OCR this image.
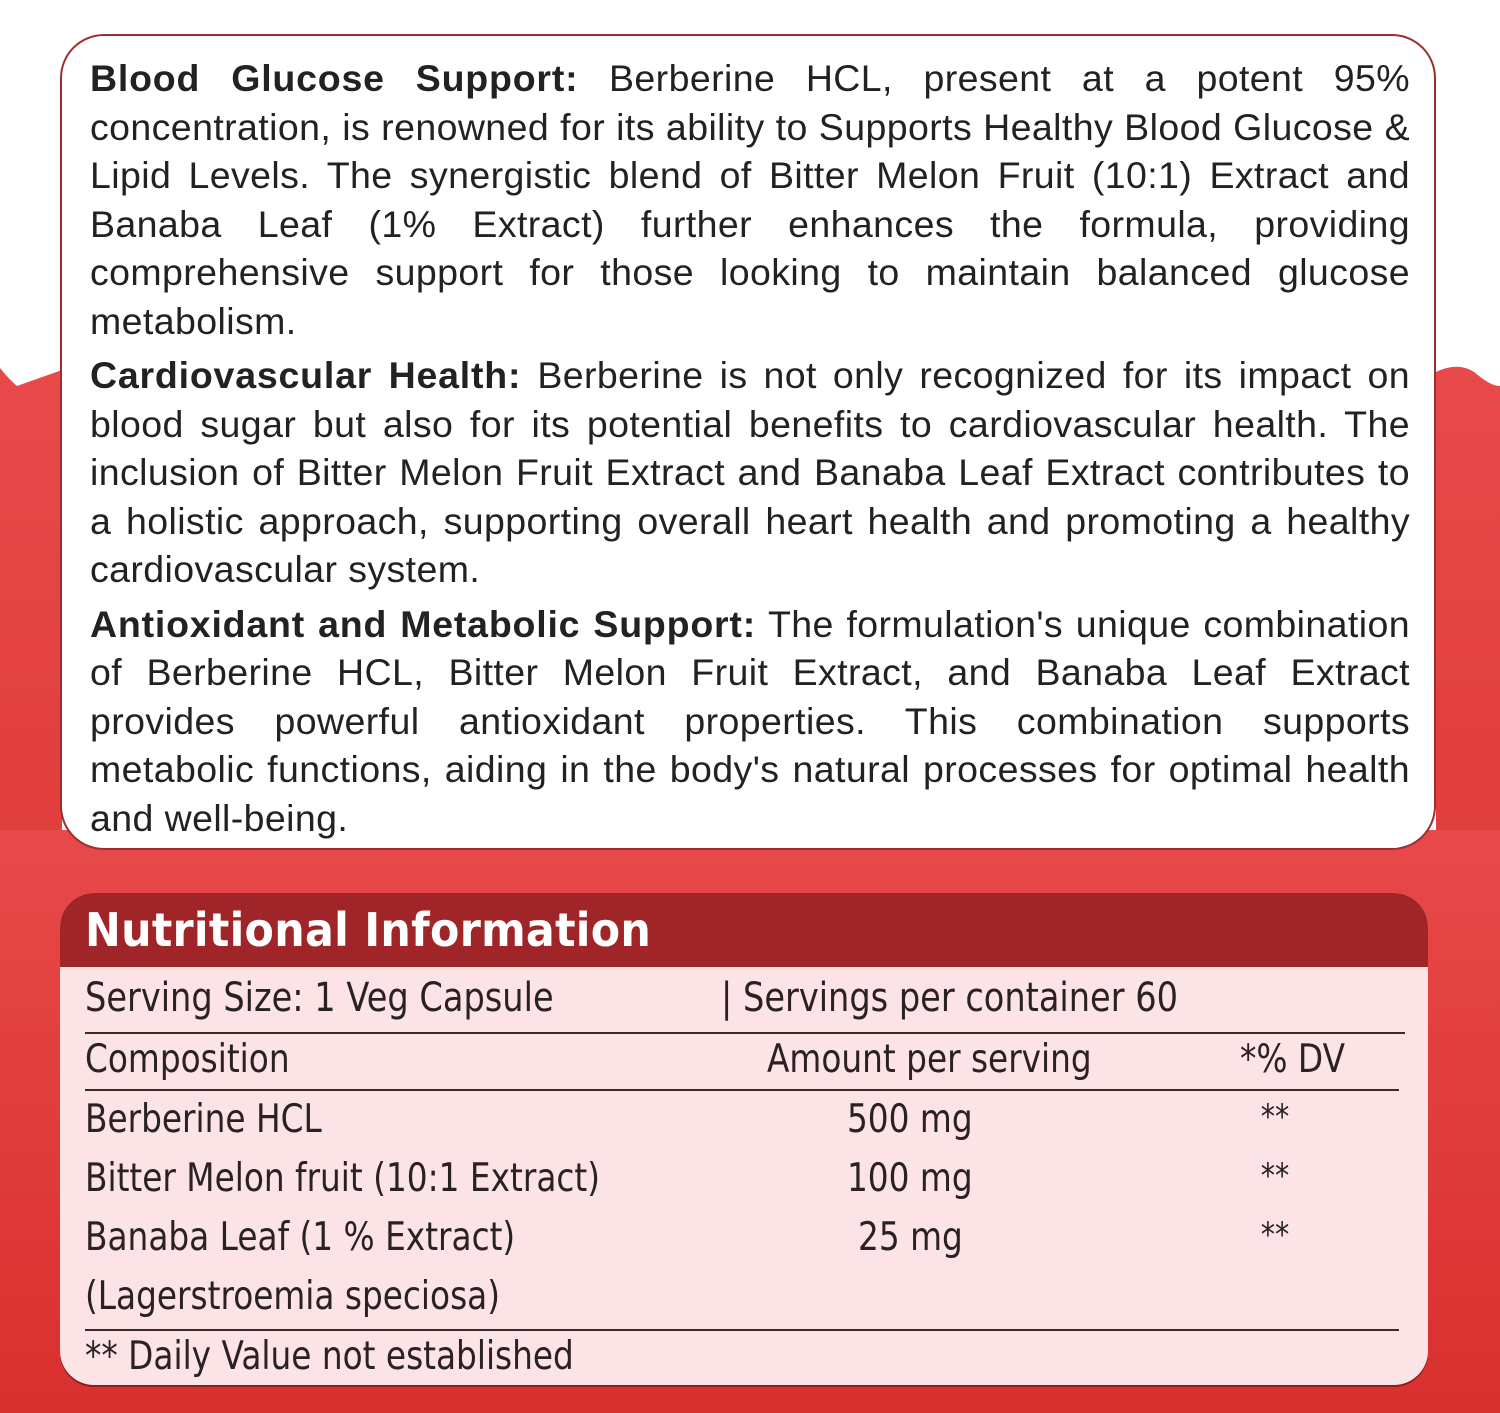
Blood Glucose Support: Berberine HCL, present at a potent 95% concentration, is renowned for its ability to Supports Healthy Blood Glucose & Lipid Levels. The synergistic blend of Bitter Melon Fruit (10:1) Extract and Banaba Leaf (1% Extract) further enhances the formula, providing comprehensive support for those looking to maintain balanced glucose metabolism.

Cardiovascular Health: Berberine is not only recognized for its impact on blood sugar but also for its potential benefits to cardiovascular health. The inclusion of Bitter Melon Fruit Extract and Banaba Leaf Extract contributes to a holistic approach, supporting overall heart health and promoting a healthy cardiovascular system.

Antioxidant and Metabolic Support: The formulation's unique combination of Berberine HCL, Bitter Melon Fruit Extract, and Banaba Leaf Extract provides powerful antioxidant properties. This combination supports metabolic functions, aiding in the body's natural processes for optimal health and well-being.

Nutritional Information
Serving Size: 1 Veg Capsule	| Servings per container 60
Composition	Amount per serving	*% DV
Berberine HCL	500 mg	**
Bitter Melon fruit (10:1 Extract)	100 mg	**
Banaba Leaf (1 % Extract)	25 mg	**
(Lagerstroemia speciosa)
** Daily Value not established
